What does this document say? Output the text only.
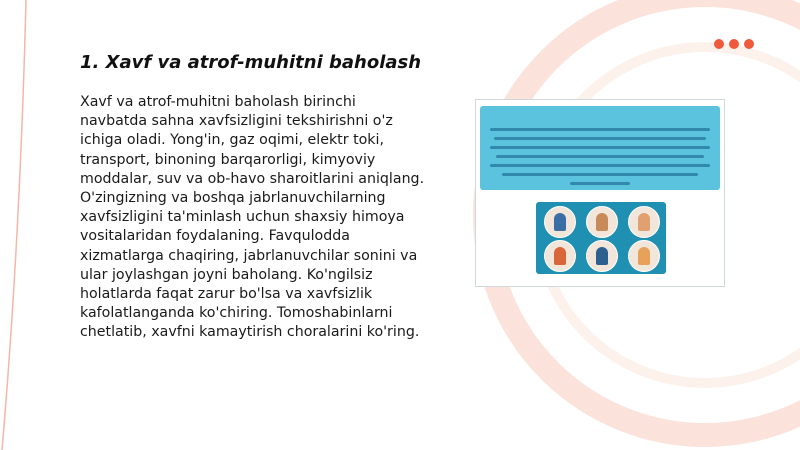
1. Xavf va atrof-muhitni baholash

Xavf va atrof-muhitni baholash birinchi navbatda sahna xavfsizligini tekshirishni o'z ichiga oladi. Yong'in, gaz oqimi, elektr toki, transport, binoning barqarorligi, kimyoviy moddalar, suv va ob-havo sharoitlarini aniqlang. O'zingizning va boshqa jabrlanuvchilarning xavfsizligini ta'minlash uchun shaxsiy himoya vositalaridan foydalaning. Favqulodda xizmatlarga chaqiring, jabrlanuvchilar sonini va ular joylashgan joyni baholang. Ko'ngilsiz holatlarda faqat zarur bo'lsa va xavfsizlik kafolatlanganda ko'chiring. Tomoshabinlarni chetlatib, xavfni kamaytirish choralarini ko'ring.
